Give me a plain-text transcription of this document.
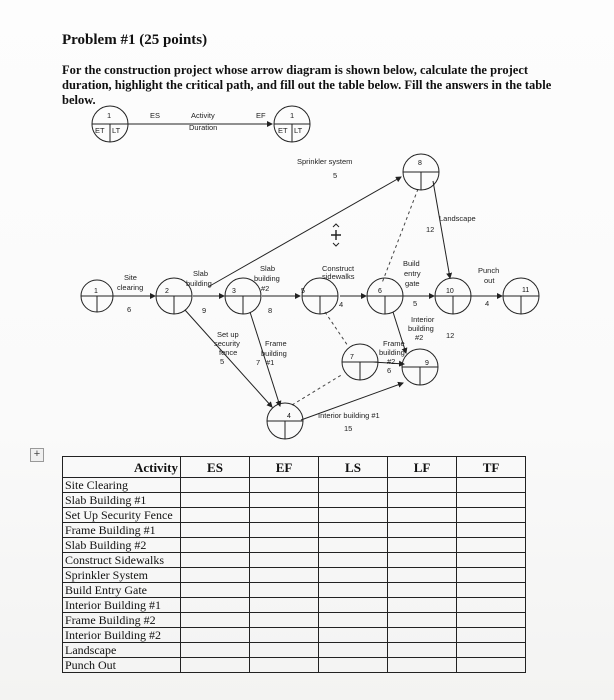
Problem #1 (25 points)
For the construction project whose arrow diagram is shown below, calculate the project duration, highlight the critical path, and fill out the table below. Fill the answers in the table below.
1
ET LT
ES	EF
Activity
Duration
1
ET LT
1	2	3	5	6
8
10	11
7
9
4
Site
clearing
6
Slab
building
9
Slab
building
#2
8
Construct
sidewalks
4
Build
entry
gate
5
Punch
out
4
Sprinkler system
5
Landscape
12
Set up
security
fence
5
Frame
building
#1
7
Interior building #1
15
Frame
building
#2
6
Interior
building
#2	12
+
Activity	ES	EF	LS	LF	TF
Site Clearing					
Slab Building #1					
Set Up Security Fence					
Frame Building #1					
Slab Building #2					
Construct Sidewalks					
Sprinkler System					
Build Entry Gate					
Interior Building #1					
Frame Building #2					
Interior Building #2					
Landscape					
Punch Out					
